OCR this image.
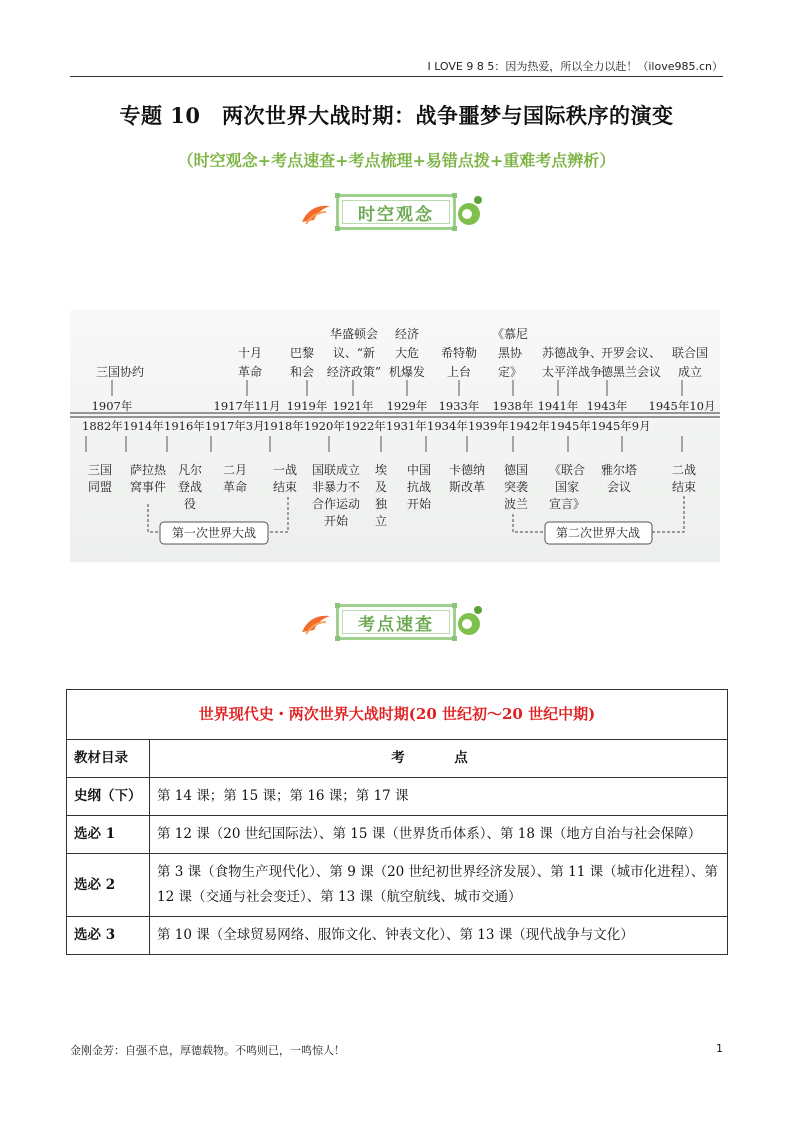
I LOVE 9 8 5：因为热爱，所以全力以赴！（ilove985.cn）
专题 10　两次世界大战时期：战争噩梦与国际秩序的演变
（时空观念+考点速查+考点梳理+易错点拨+重难考点辨析）
时空观念
1907年	1917年11月 1919年 1921年 1929年 1933年 1938年 1941年 1943年 1945年10月
1882年 1914年 1916年 1917年3月
1918年 1920年 1922年 1931年 1934年 1939年 1942年 1945年 1945年9月
三国协约
十月
革命
巴黎
和会
华盛顿会
议、“新
经济政策”
经济
大危
机爆发
希特勒
上台
《慕尼
黑协
定》
苏德战争、
太平洋战争
开罗会议、
德黑兰会议
联合国
成立
三国
同盟
萨拉热
窝事件
凡尔
登战
役
二月
革命
一战
结束
国联成立
非暴力不
合作运动
开始
埃
及
独
立
中国
抗战
开始
卡德纳
斯改革
德国
突袭
波兰
《联合
国家
宣言》
雅尔塔
会议
二战
结束
第一次世界大战	第二次世界大战
考点速查
世界现代史・两次世界大战时期(20 世纪初～20 世纪中期)	
教材目录	考　点
史纲（下）	第 14 课；第 15 课；第 16 课；第 17 课
选必 1	第 12 课（20 世纪国际法）、第 15 课（世界货币体系）、第 18 课（地方自治与社会保障）
选必 2	第 3 课（食物生产现代化）、第 9 课（20 世纪初世界经济发展）、第 11 课（城市化进程）、第 12 课（交通与社会变迁）、第 13 课（航空航线、城市交通）
选必 3	第 10 课（全球贸易网络、服饰文化、钟表文化）、第 13 课（现代战争与文化）
金刚金芳：自强不息，厚德载物。不鸣则已，一鸣惊人！	1
